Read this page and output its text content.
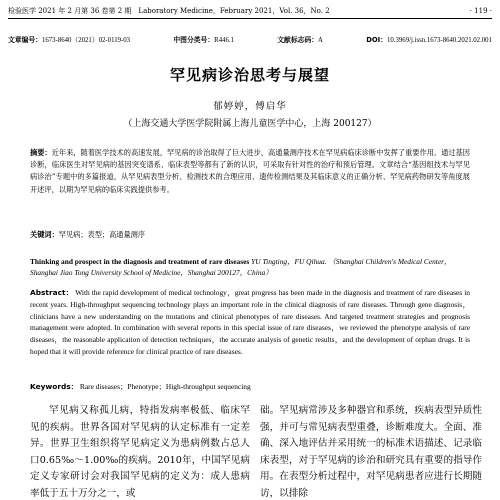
检验医学 2021 年 2 月第 36 卷第 2 期　Laboratory Medicine，February 2021，Vol. 36，No. 2	· 119 ·
文章编号：1673-8640（2021）02-0119-03	中图分类号：R446.1	文献标志码：A	DOI：10.3969/j.issn.1673-8640.2021.02.001
罕见病诊治思考与展望
郁婷婷，傅启华
（上海交通大学医学院附属上海儿童医学中心，上海 200127）
摘要：近年来，随着医学技术的高速发展，罕见病的诊治取得了巨大进步，高通量测序技术在罕见病临床诊断中发挥了重要作用。通过基因诊断，临床医生对罕见病的基因突变谱系、临床表型等都有了新的认识，可采取有针对性的治疗和预后管理。文章结合“基因组技术与罕见病诊治”专题中的多篇报道，从罕见病表型分析、检测技术的合理应用、遗传检测结果及其临床意义的正确分析、罕见病药物研发等角度展开述评，以期为罕见病的临床实践提供参考。
关键词：罕见病；表型；高通量测序
Thinking and prospect in the diagnosis and treatment of rare diseases YU Tingting，FU Qihua. （Shanghai Children's Medical Center，Shanghai Jiao Tong University School of Medicine，Shanghai 200127，China）
Abstract： With the rapid development of medical technology，great progress has been made in the diagnosis and treatment of rare diseases in recent years. High-throughput sequencing technology plays an important role in the clinical diagnosis of rare diseases. Through gene diagnosis，clinicians have a new understanding on the mutations and clinical phenotypes of rare diseases. And targeted treatment strategies and prognosis management were adopted. In combination with several reports in this special issue of rare diseases，we reviewed the phenotype analysis of rare diseases，the reasonable application of detection techniques，the accurate analysis of genetic results，and the development of orphan drugs. It is hoped that it will provide reference for clinical practice of rare diseases.
Keywords： Rare diseases；Phenotype；High-throughput sequencing
罕见病又称孤儿病，特指发病率极低、临床罕见的疾病。世界各国对罕见病的认定标准有一定差异。世界卫生组织将罕见病定义为患病例数占总人口0.65‰～1.00‰的疾病。2010年，中国罕见病定义专家研讨会对我国罕见病的定义为：成人患病率低于五十万分之一，或
础。罕见病常涉及多种器官和系统，疾病表型异质性强，并可与常见病表型重叠，诊断难度大。全面、准确、深入地评估并采用统一的标准术语描述、记录临床表型，对于罕见病的诊治和研究具有重要的指导作用。在表型分析过程中，对罕见病患者应进行长期随访，以排除
